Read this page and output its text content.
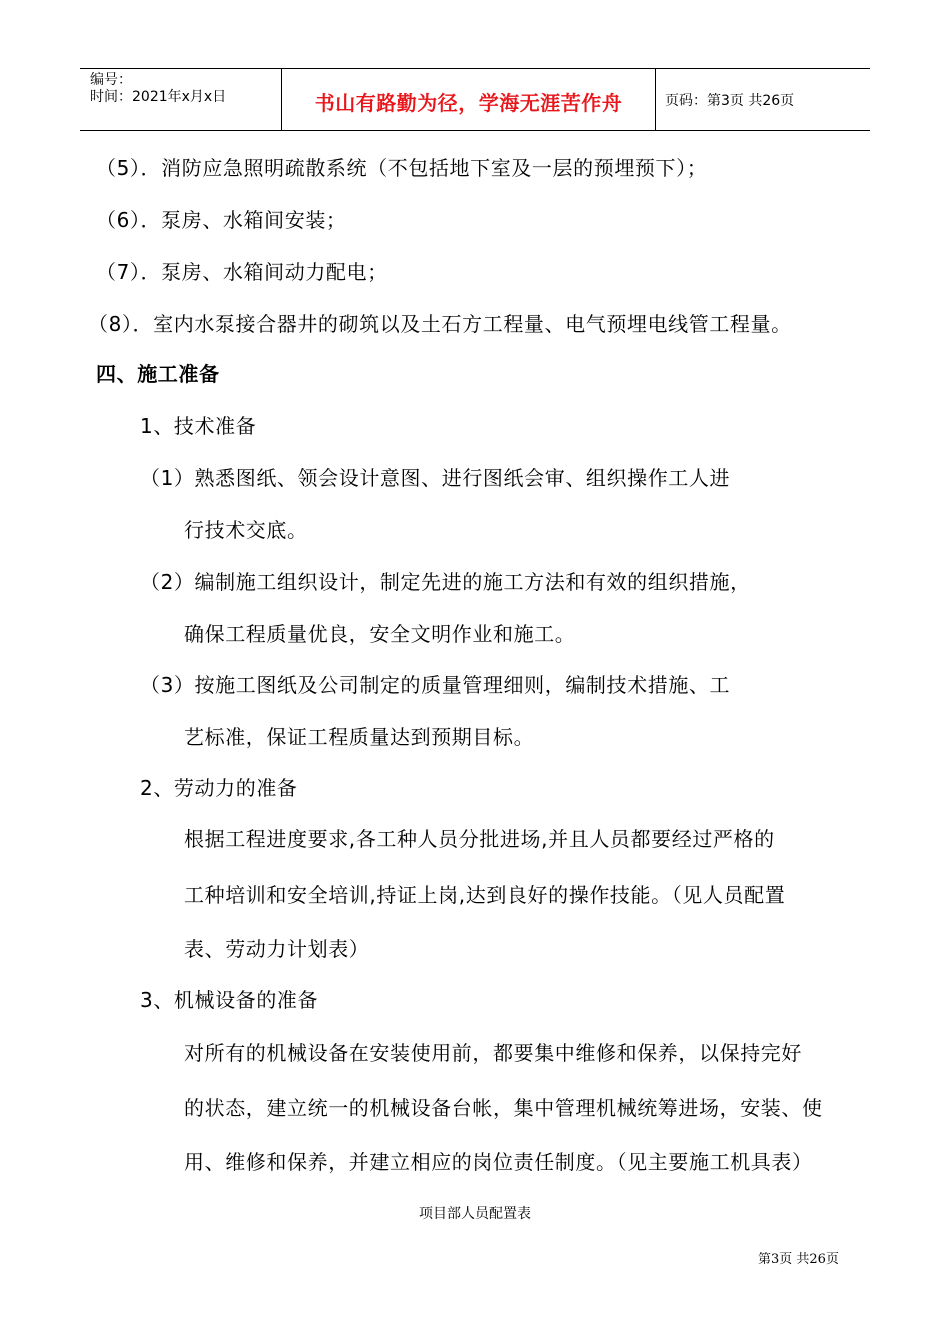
编号：
时间：2021年x月x日	书山有路勤为径，学海无涯苦作舟	页码：第3页 共26页
（5）．消防应急照明疏散系统（不包括地下室及一层的预埋预下）；
（6）．泵房、水箱间安装；
（7）．泵房、水箱间动力配电；
（8）．室内水泵接合器井的砌筑以及土石方工程量、电气预埋电线管工程量。
四、施工准备
1、技术准备
（1）熟悉图纸、领会设计意图、进行图纸会审、组织操作工人进
行技术交底。
（2）编制施工组织设计，制定先进的施工方法和有效的组织措施，
确保工程质量优良，安全文明作业和施工。
（3）按施工图纸及公司制定的质量管理细则，编制技术措施、工
艺标准，保证工程质量达到预期目标。
2、劳动力的准备
根据工程进度要求,各工种人员分批进场,并且人员都要经过严格的
工种培训和安全培训,持证上岗,达到良好的操作技能。（见人员配置
表、劳动力计划表）
3、机械设备的准备
对所有的机械设备在安装使用前，都要集中维修和保养，以保持完好
的状态，建立统一的机械设备台帐，集中管理机械统筹进场，安装、使
用、维修和保养，并建立相应的岗位责任制度。（见主要施工机具表）
项目部人员配置表
第3页 共26页
